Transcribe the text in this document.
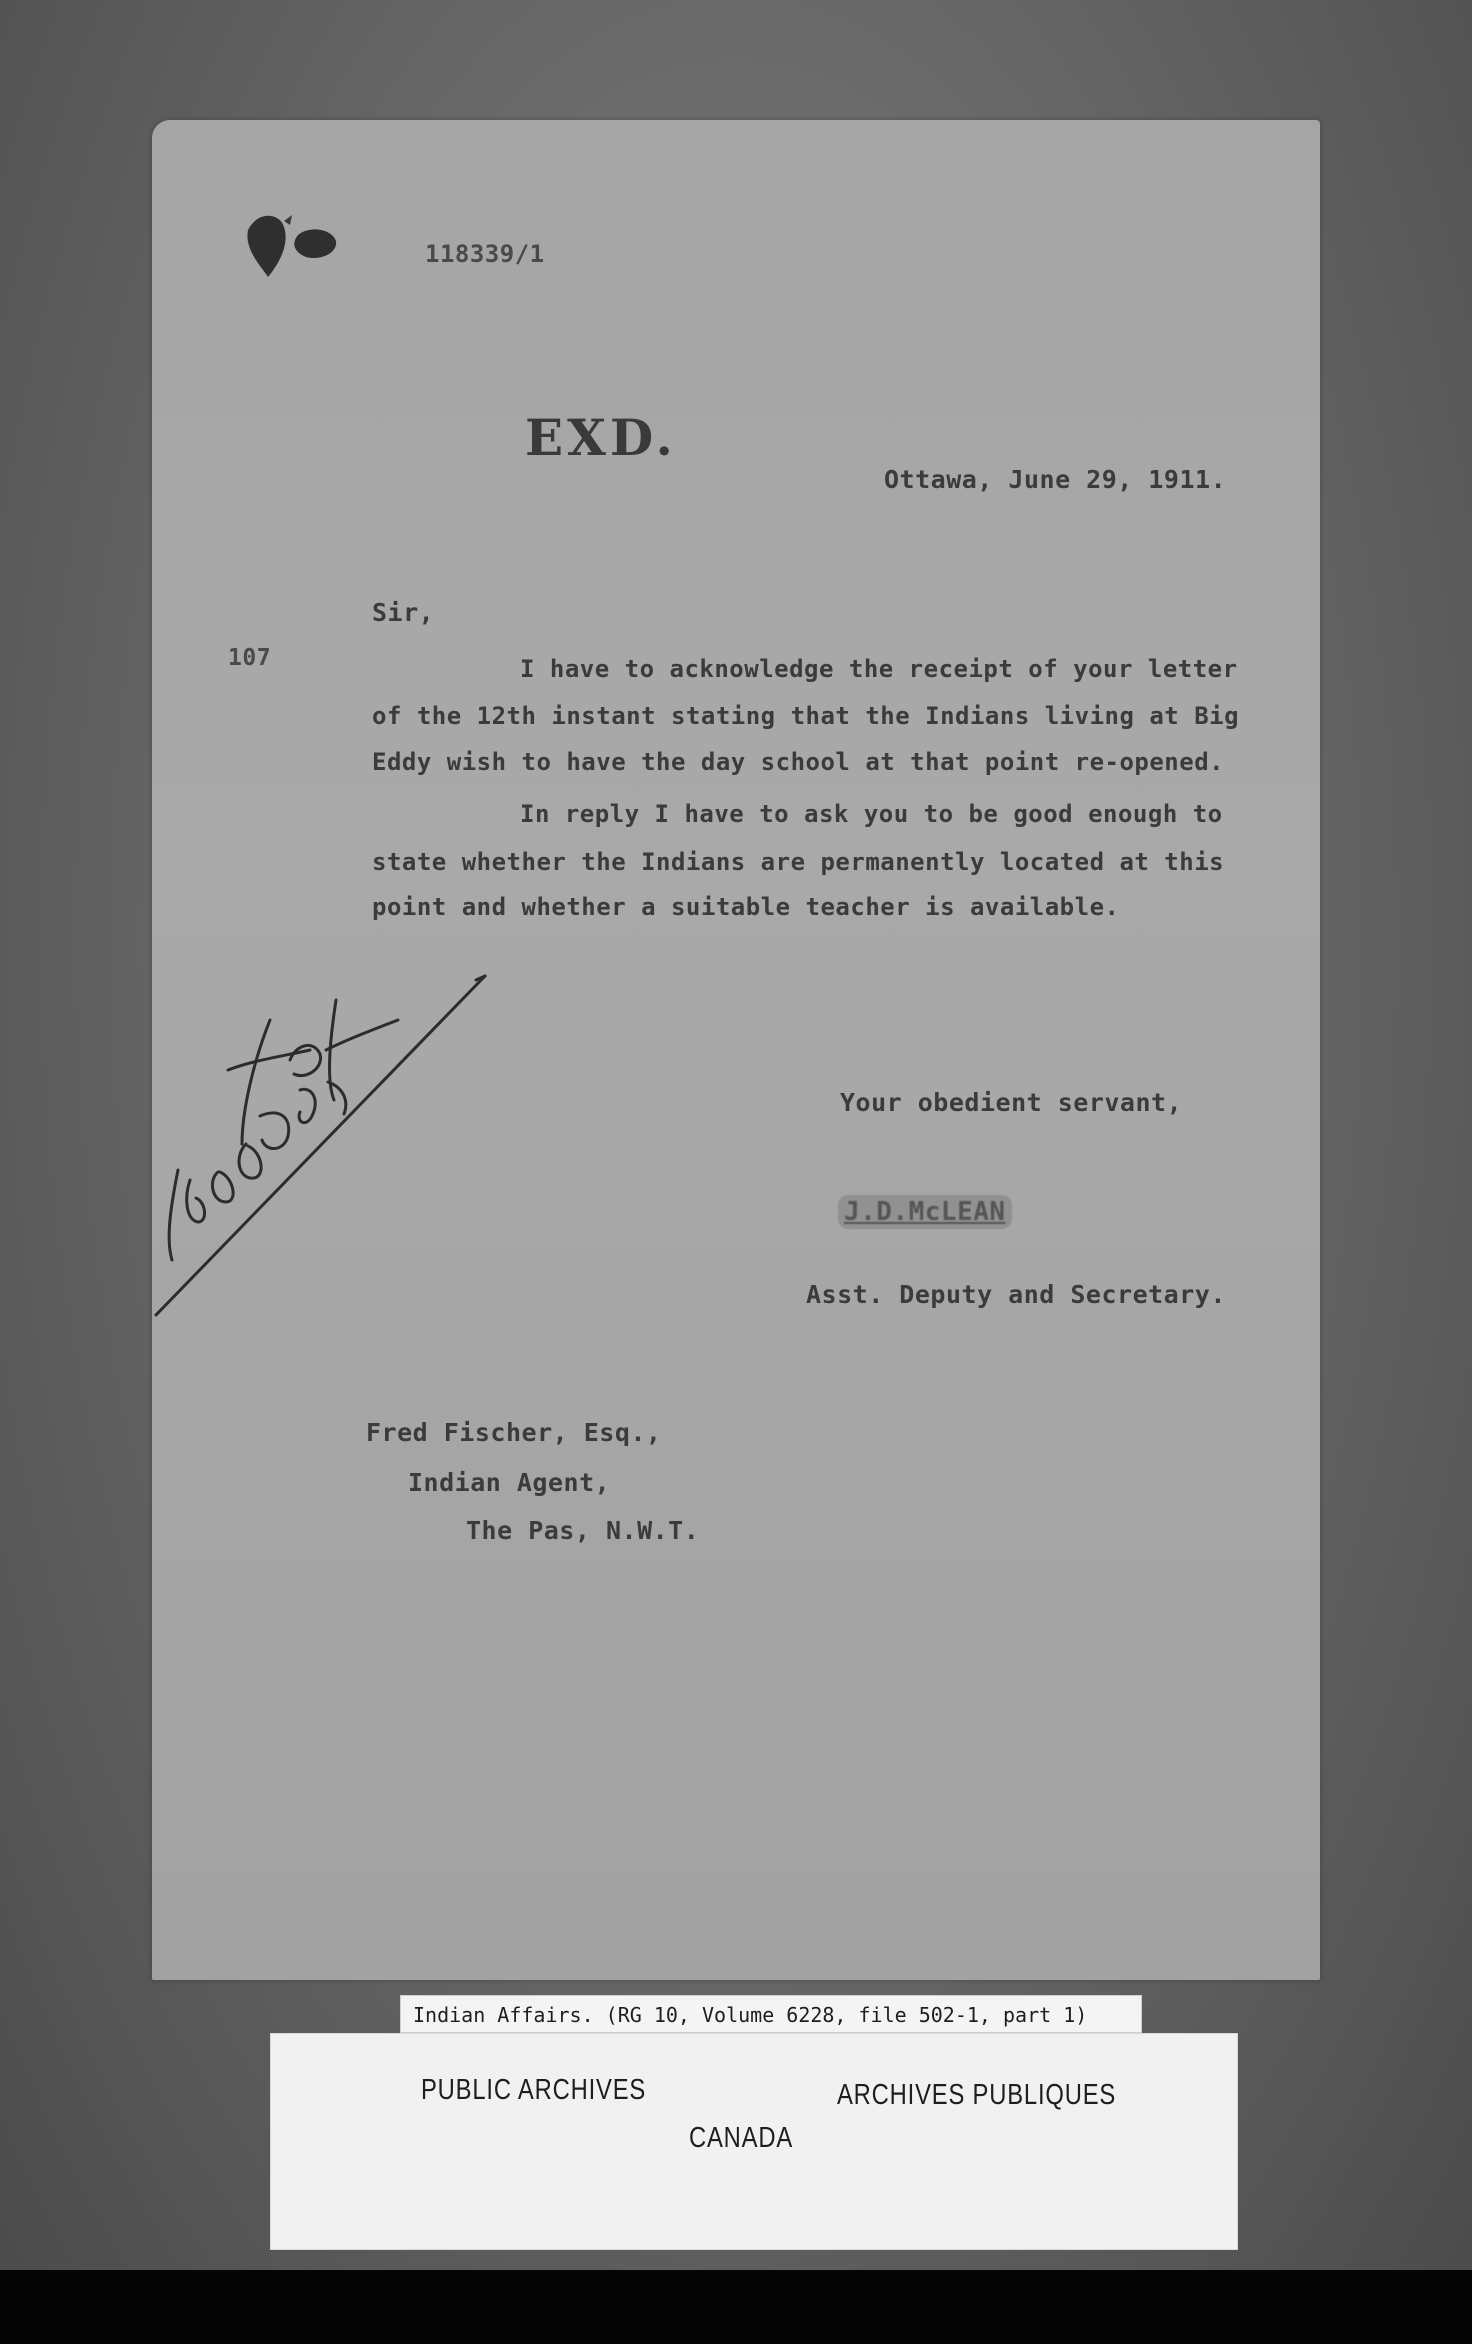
118339/1

EXD.

Ottawa, June 29, 1911.

Sir,

107	I have to acknowledge the receipt of your letter

of the 12th instant stating that the Indians living at Big

Eddy wish to have the day school at that point re-opened.

In reply I have to ask you to be good enough to

state whether the Indians are permanently located at this

point and whether a suitable teacher is available.

Your obedient servant,

J.D.McLEAN

Asst. Deputy and Secretary.

Fred Fischer, Esq.,

Indian Agent,

The Pas, N.W.T.

Indian Affairs. (RG 10, Volume 6228, file 502-1, part 1)
PUBLIC ARCHIVES	ARCHIVES PUBLIQUES
CANADA
